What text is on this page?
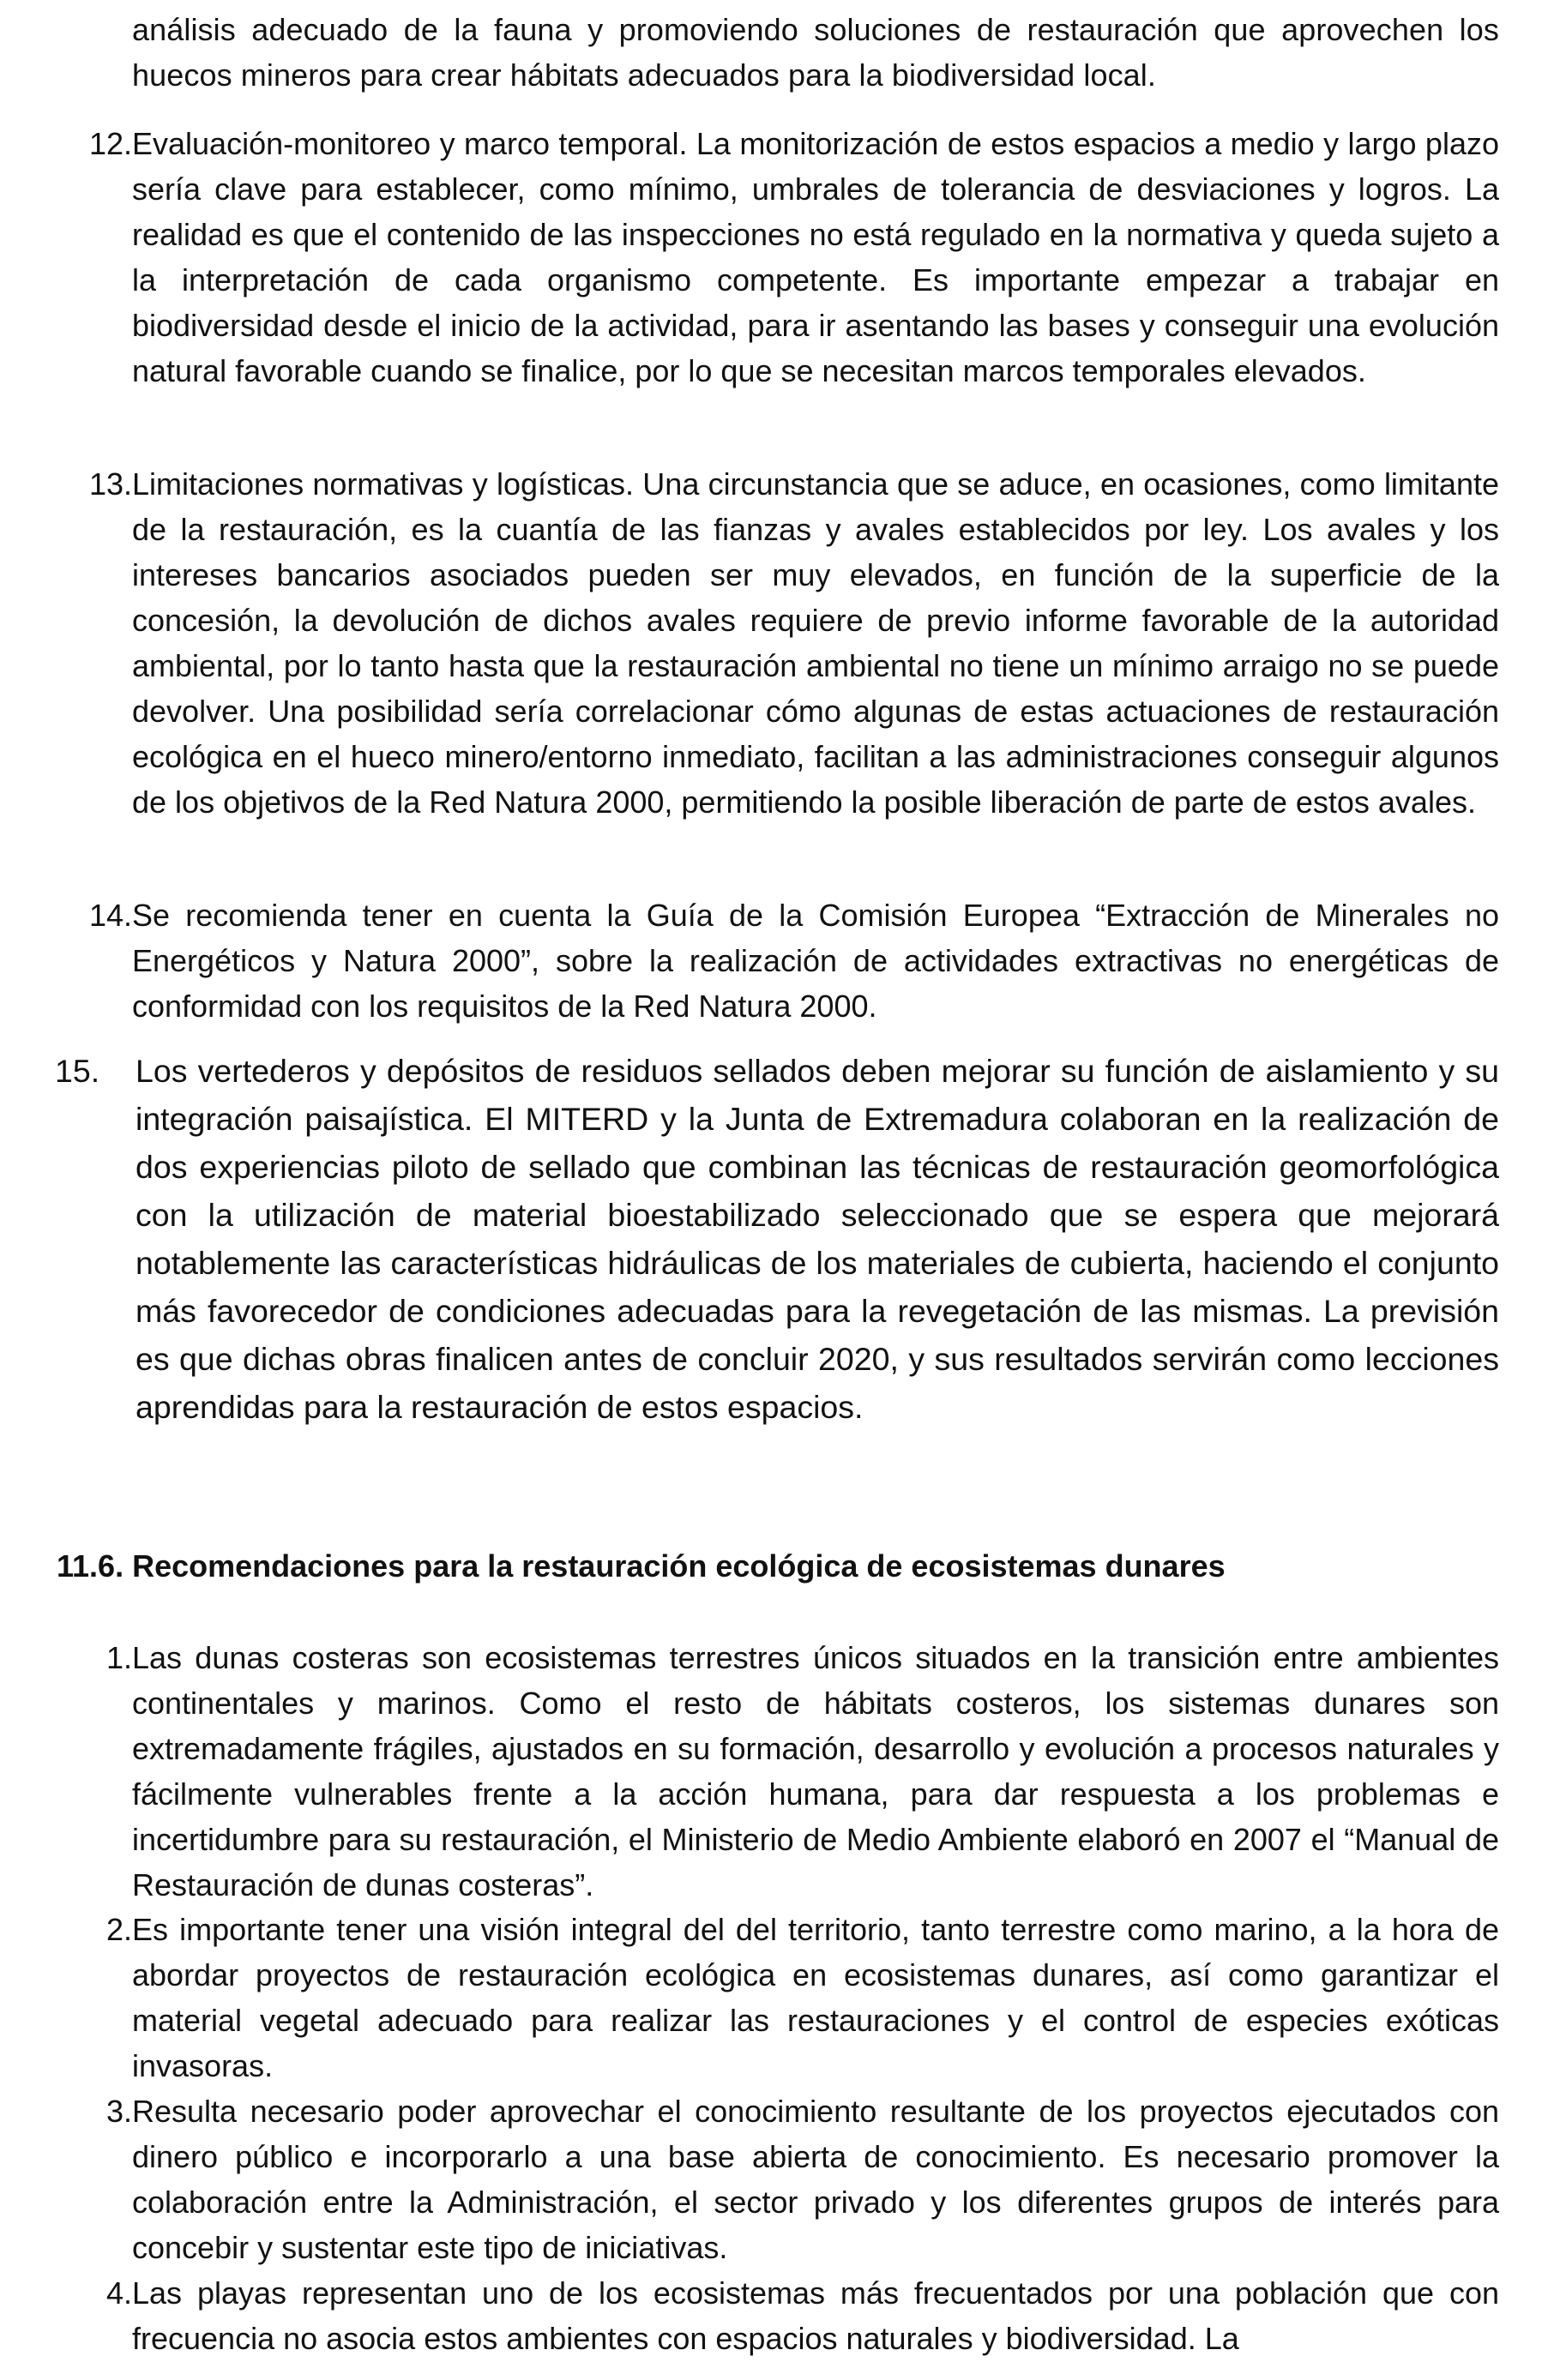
análisis adecuado de la fauna y promoviendo soluciones de restauración que aprovechen los huecos mineros para crear hábitats adecuados para la biodiversidad local.

12. Evaluación-monitoreo y marco temporal. La monitorización de estos espacios a medio y largo plazo sería clave para establecer, como mínimo, umbrales de tolerancia de desviaciones y logros. La realidad es que el contenido de las inspecciones no está regulado en la normativa y queda sujeto a la interpretación de cada organismo competente. Es importante empezar a trabajar en biodiversidad desde el inicio de la actividad, para ir asentando las bases y conseguir una evolución natural favorable cuando se finalice, por lo que se necesitan marcos temporales elevados.
13. Limitaciones normativas y logísticas. Una circunstancia que se aduce, en ocasiones, como limitante de la restauración, es la cuantía de las fianzas y avales establecidos por ley. Los avales y los intereses bancarios asociados pueden ser muy elevados, en función de la superficie de la concesión, la devolución de dichos avales requiere de previo informe favorable de la autoridad ambiental, por lo tanto hasta que la restauración ambiental no tiene un mínimo arraigo no se puede devolver. Una posibilidad sería correlacionar cómo algunas de estas actuaciones de restauración ecológica en el hueco minero/entorno inmediato, facilitan a las administraciones conseguir algunos de los objetivos de la Red Natura 2000, permitiendo la posible liberación de parte de estos avales.
14. Se recomienda tener en cuenta la Guía de la Comisión Europea “Extracción de Minerales no Energéticos y Natura 2000”, sobre la realización de actividades extractivas no energéticas de conformidad con los requisitos de la Red Natura 2000.
15.	Los vertederos y depósitos de residuos sellados deben mejorar su función de aislamiento y su integración paisajística. El MITERD y la Junta de Extremadura colaboran en la realización de dos experiencias piloto de sellado que combinan las técnicas de restauración geomorfológica con la utilización de material bioestabilizado seleccionado que se espera que mejorará notablemente las características hidráulicas de los materiales de cubierta, haciendo el conjunto más favorecedor de condiciones adecuadas para la revegetación de las mismas. La previsión es que dichas obras finalicen antes de concluir 2020, y sus resultados servirán como lecciones aprendidas para la restauración de estos espacios.
11.6. Recomendaciones para la restauración ecológica de ecosistemas dunares
1. Las dunas costeras son ecosistemas terrestres únicos situados en la transición entre ambientes continentales y marinos. Como el resto de hábitats costeros, los sistemas dunares son extremadamente frágiles, ajustados en su formación, desarrollo y evolución a procesos naturales y fácilmente vulnerables frente a la acción humana, para dar respuesta a los problemas e incertidumbre para su restauración, el Ministerio de Medio Ambiente elaboró en 2007 el “Manual de Restauración de dunas costeras”.
2. Es importante tener una visión integral del del territorio, tanto terrestre como marino, a la hora de abordar proyectos de restauración ecológica en ecosistemas dunares, así como garantizar el material vegetal adecuado para realizar las restauraciones y el control de especies exóticas invasoras.
3. Resulta necesario poder aprovechar el conocimiento resultante de los proyectos ejecutados con dinero público e incorporarlo a una base abierta de conocimiento. Es necesario promover la colaboración entre la Administración, el sector privado y los diferentes grupos de interés para concebir y sustentar este tipo de iniciativas.
4. Las playas representan uno de los ecosistemas más frecuentados por una población que con frecuencia no asocia estos ambientes con espacios naturales y biodiversidad. La
